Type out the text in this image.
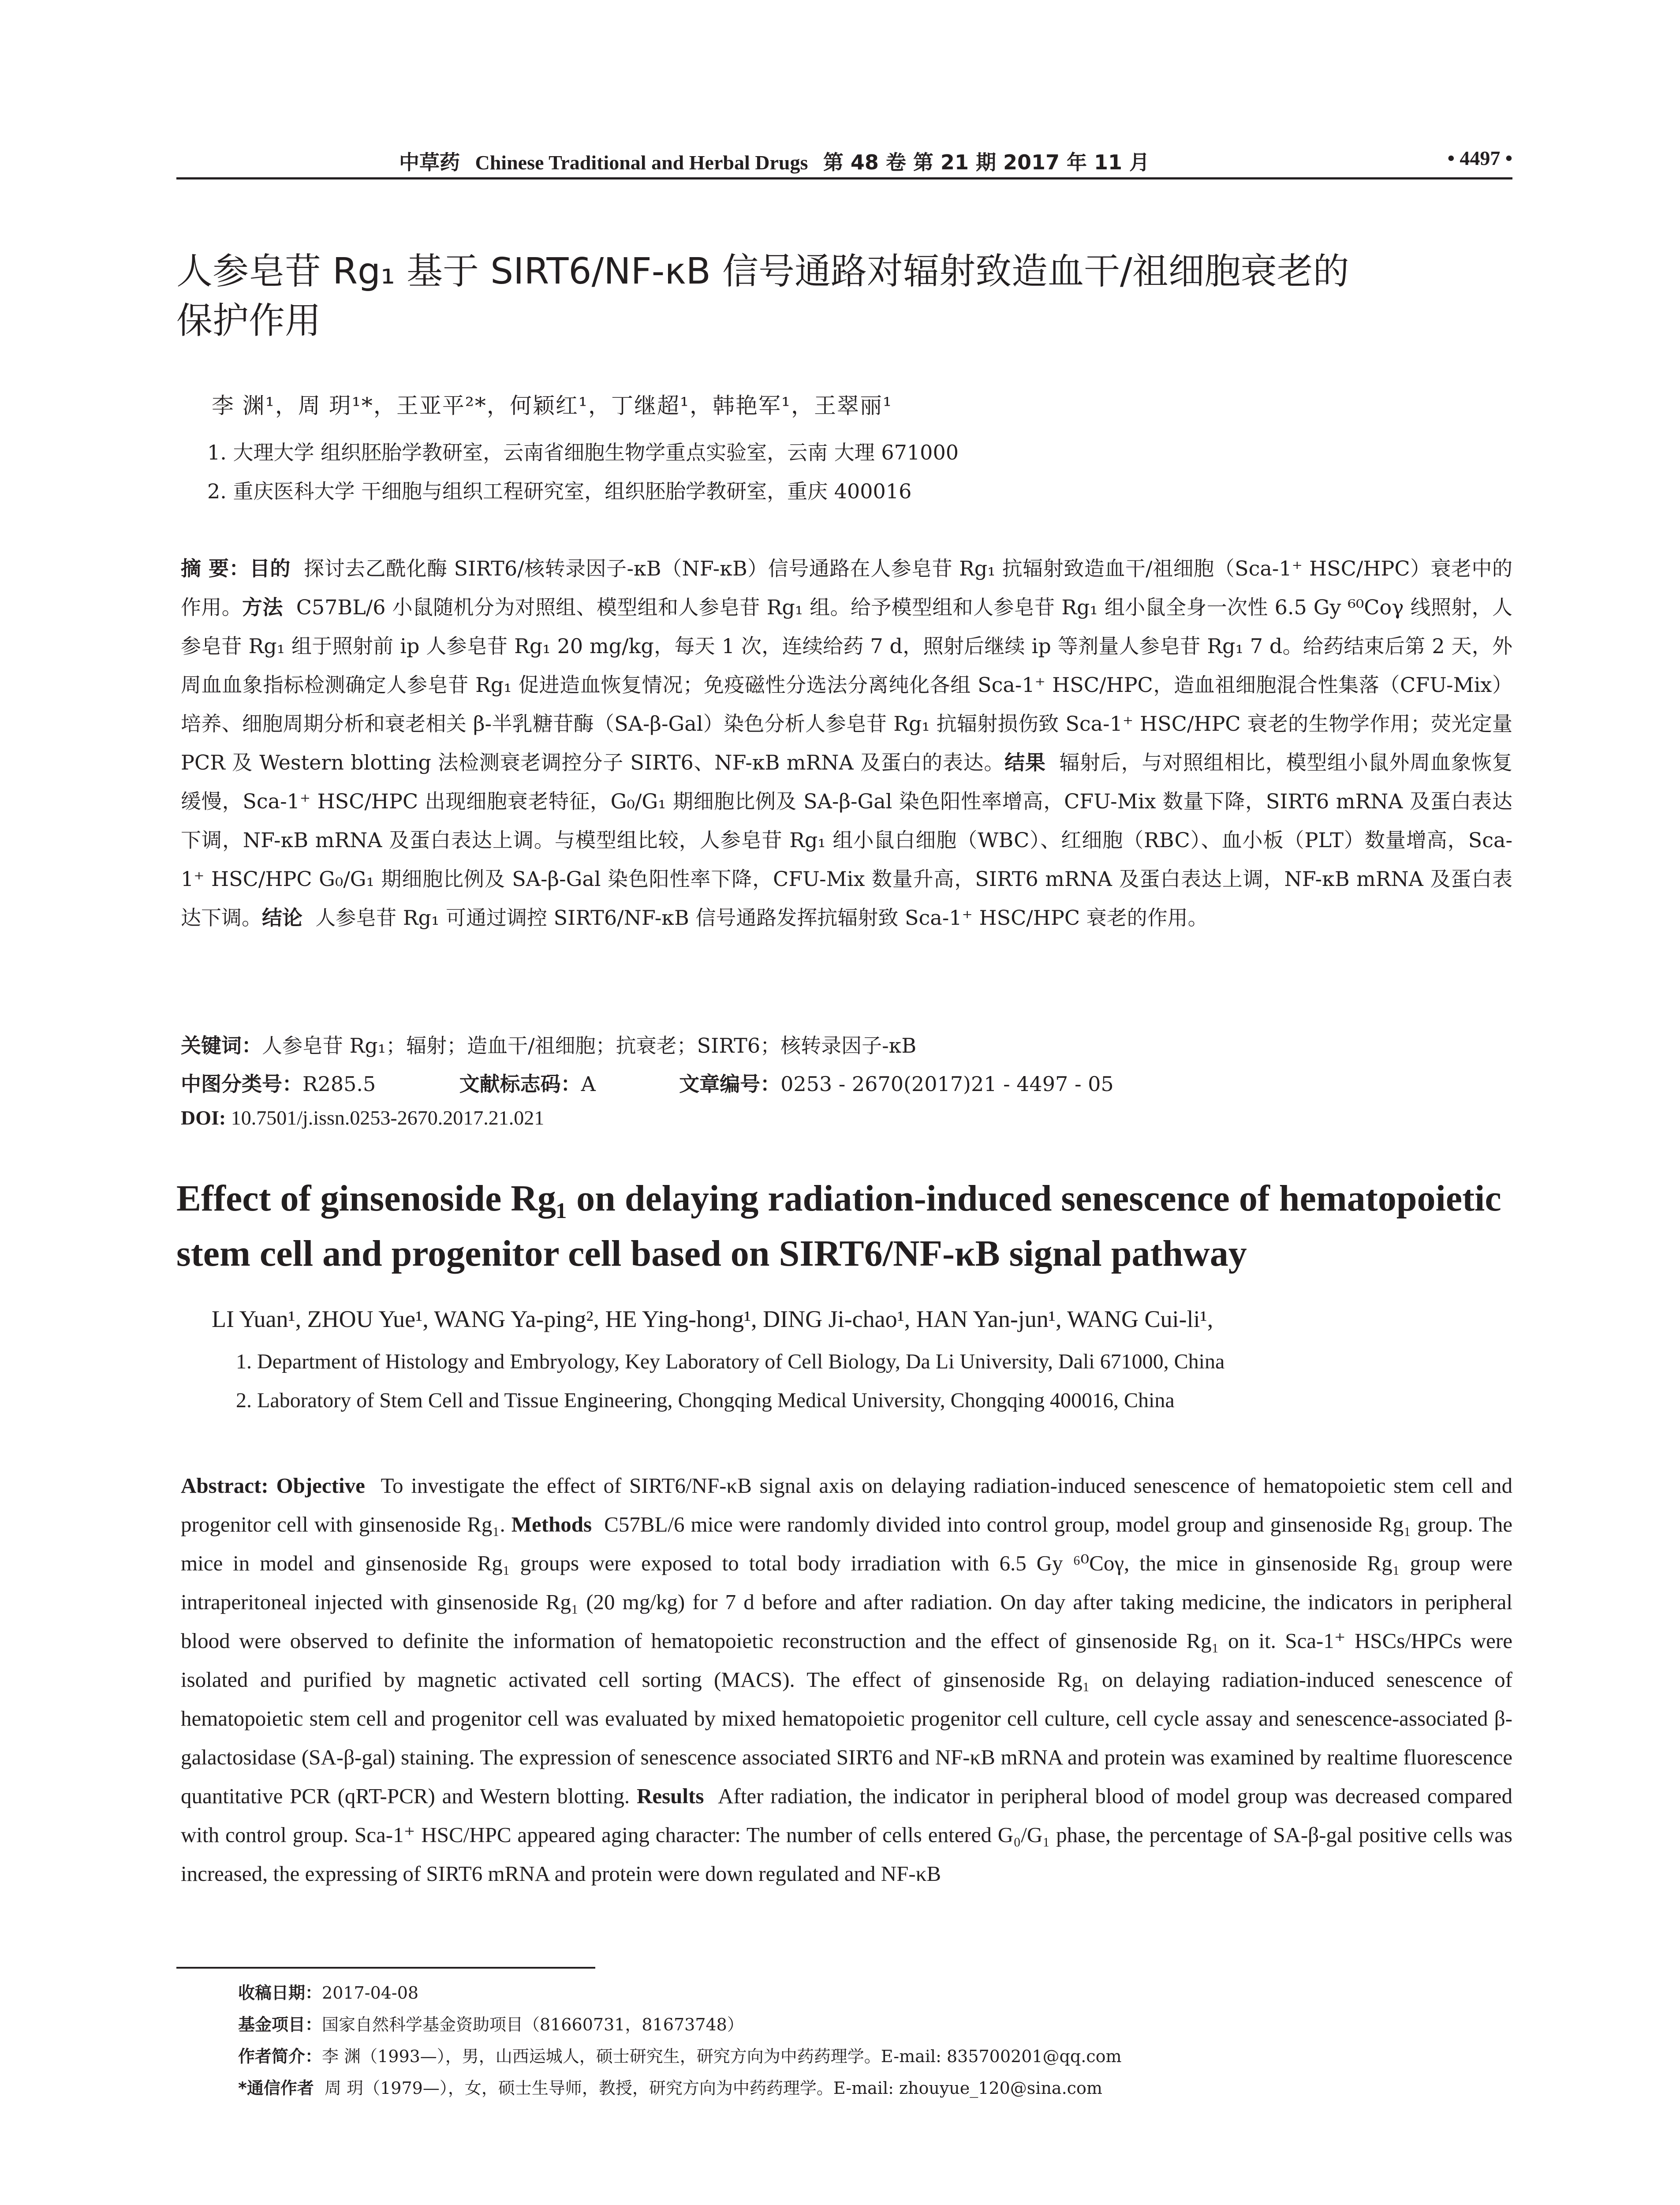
中草药 Chinese Traditional and Herbal Drugs 第 48 卷 第 21 期 2017 年 11 月	• 4497 •
人参皂苷 Rg₁ 基于 SIRT6/NF-κB 信号通路对辐射致造血干/祖细胞衰老的
保护作用
李 渊¹，周 玥¹*，王亚平²*，何颖红¹，丁继超¹，韩艳军¹，王翠丽¹
1. 大理大学 组织胚胎学教研室，云南省细胞生物学重点实验室，云南 大理 671000
2. 重庆医科大学 干细胞与组织工程研究室，组织胚胎学教研室，重庆 400016
摘 要：目的 探讨去乙酰化酶 SIRT6/核转录因子-κB（NF-κB）信号通路在人参皂苷 Rg₁ 抗辐射致造血干/祖细胞（Sca-1⁺ HSC/HPC）衰老中的作用。方法 C57BL/6 小鼠随机分为对照组、模型组和人参皂苷 Rg₁ 组。给予模型组和人参皂苷 Rg₁ 组小鼠全身一次性 6.5 Gy ⁶⁰Coγ 线照射，人参皂苷 Rg₁ 组于照射前 ip 人参皂苷 Rg₁ 20 mg/kg，每天 1 次，连续给药 7 d，照射后继续 ip 等剂量人参皂苷 Rg₁ 7 d。给药结束后第 2 天，外周血血象指标检测确定人参皂苷 Rg₁ 促进造血恢复情况；免疫磁性分选法分离纯化各组 Sca-1⁺ HSC/HPC，造血祖细胞混合性集落（CFU-Mix）培养、细胞周期分析和衰老相关 β-半乳糖苷酶（SA-β-Gal）染色分析人参皂苷 Rg₁ 抗辐射损伤致 Sca-1⁺ HSC/HPC 衰老的生物学作用；荧光定量 PCR 及 Western blotting 法检测衰老调控分子 SIRT6、NF-κB mRNA 及蛋白的表达。结果 辐射后，与对照组相比，模型组小鼠外周血象恢复缓慢，Sca-1⁺ HSC/HPC 出现细胞衰老特征，G₀/G₁ 期细胞比例及 SA-β-Gal 染色阳性率增高，CFU-Mix 数量下降，SIRT6 mRNA 及蛋白表达下调，NF-κB mRNA 及蛋白表达上调。与模型组比较，人参皂苷 Rg₁ 组小鼠白细胞（WBC）、红细胞（RBC）、血小板（PLT）数量增高，Sca-1⁺ HSC/HPC G₀/G₁ 期细胞比例及 SA-β-Gal 染色阳性率下降，CFU-Mix 数量升高，SIRT6 mRNA 及蛋白表达上调，NF-κB mRNA 及蛋白表达下调。结论 人参皂苷 Rg₁ 可通过调控 SIRT6/NF-κB 信号通路发挥抗辐射致 Sca-1⁺ HSC/HPC 衰老的作用。
关键词：人参皂苷 Rg₁；辐射；造血干/祖细胞；抗衰老；SIRT6；核转录因子-κB
中图分类号：R285.5	文献标志码：A	文章编号：0253 - 2670(2017)21 - 4497 - 05
DOI: 10.7501/j.issn.0253-2670.2017.21.021
Effect of ginsenoside Rg₁ on delaying radiation-induced senescence of hematopoietic
stem cell and progenitor cell based on SIRT6/NF-κB signal pathway
LI Yuan¹, ZHOU Yue¹, WANG Ya-ping², HE Ying-hong¹, DING Ji-chao¹, HAN Yan-jun¹, WANG Cui-li¹,
1. Department of Histology and Embryology, Key Laboratory of Cell Biology, Da Li University, Dali 671000, China
2. Laboratory of Stem Cell and Tissue Engineering, Chongqing Medical University, Chongqing 400016, China
Abstract: Objective To investigate the effect of SIRT6/NF-κB signal axis on delaying radiation-induced senescence of hematopoietic stem cell and progenitor cell with ginsenoside Rg₁. Methods C57BL/6 mice were randomly divided into control group, model group and ginsenoside Rg₁ group. The mice in model and ginsenoside Rg₁ groups were exposed to total body irradiation with 6.5 Gy ⁶⁰Coγ, the mice in ginsenoside Rg₁ group were intraperitoneal injected with ginsenoside Rg₁ (20 mg/kg) for 7 d before and after radiation. On day after taking medicine, the indicators in peripheral blood were observed to definite the information of hematopoietic reconstruction and the effect of ginsenoside Rg₁ on it. Sca-1⁺ HSCs/HPCs were isolated and purified by magnetic activated cell sorting (MACS). The effect of ginsenoside Rg₁ on delaying radiation-induced senescence of hematopoietic stem cell and progenitor cell was evaluated by mixed hematopoietic progenitor cell culture, cell cycle assay and senescence-associated β-galactosidase (SA-β-gal) staining. The expression of senescence associated SIRT6 and NF-κB mRNA and protein was examined by realtime fluorescence quantitative PCR (qRT-PCR) and Western blotting. Results After radiation, the indicator in peripheral blood of model group was decreased compared with control group. Sca-1⁺ HSC/HPC appeared aging character: The number of cells entered G₀/G₁ phase, the percentage of SA-β-gal positive cells was increased, the expressing of SIRT6 mRNA and protein were down regulated and NF-κB
收稿日期：2017-04-08
基金项目：国家自然科学基金资助项目（81660731，81673748）
作者简介：李 渊（1993—），男，山西运城人，硕士研究生，研究方向为中药药理学。E-mail: 835700201@qq.com
*通信作者 周 玥（1979—），女，硕士生导师，教授，研究方向为中药药理学。E-mail: zhouyue_120@sina.com
